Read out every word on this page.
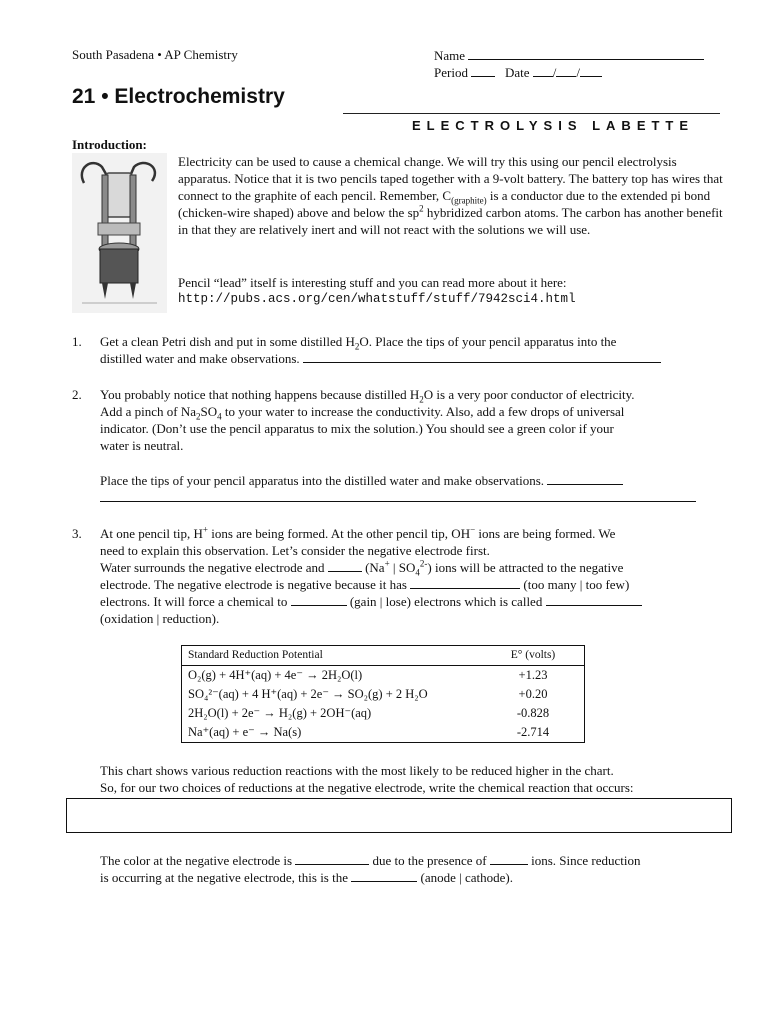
South Pasadena • AP Chemistry	Name
Period	Date / /
21 • Electrochemistry
ELECTROLYSIS LABETTE
Introduction:
Electricity can be used to cause a chemical change. We will try this using our pencil electrolysis apparatus. Notice that it is two pencils taped together with a 9-volt battery. The battery top has wires that connect to the graphite of each pencil. Remember, $C_{(graphite)}$ is a conductor due to the extended pi bond (chicken-wire shaped) above and below the $sp^2$ hybridized carbon atoms. The carbon has another benefit in that they are relatively inert and will not react with the solutions we will use.
Pencil “lead” itself is interesting stuff and you can read more about it here:
http://pubs.acs.org/cen/whatstuff/stuff/7942sci4.html
1. Get a clean Petri dish and put in some distilled $H_2O$. Place the tips of your pencil apparatus into the
distilled water and make observations.
2. You probably notice that nothing happens because distilled $H_2O$ is a very poor conductor of electricity.
Add a pinch of $Na_2SO_4$ to your water to increase the conductivity. Also, add a few drops of universal
indicator. (Don’t use the pencil apparatus to mix the solution.) You should see a green color if your
water is neutral.
Place the tips of your pencil apparatus into the distilled water and make observations.

3. At one pencil tip, H+ ions are being formed. At the other pencil tip, OH− ions are being formed. We
need to explain this observation. Let’s consider the negative electrode first.
Water surrounds the negative electrode and	(Na+ | $SO_4^{2-}$) ions will be attracted to the negative
electrode. The negative electrode is negative because it has	(too many | too few)
electrons. It will force a chemical to	(gain | lose) electrons which is called
(oxidation | reduction).
Standard Reduction Potential	E° (volts)
O₂(g) + 4H⁺(aq) + 4e⁻ → 2H₂O(l)	+1.23
SO₄²⁻(aq) + 4 H⁺(aq) + 2e⁻ → SO₂(g) + 2 H₂O	+0.20
2H₂O(l) + 2e⁻ → H₂(g) + 2OH⁻(aq)	-0.828
Na⁺(aq) + e⁻ → Na(s)	-2.714
This chart shows various reduction reactions with the most likely to be reduced higher in the chart.
So, for our two choices of reductions at the negative electrode, write the chemical reaction that occurs:
The color at the negative electrode is	due to the presence of	ions. Since reduction
is occurring at the negative electrode, this is the	(anode | cathode).
